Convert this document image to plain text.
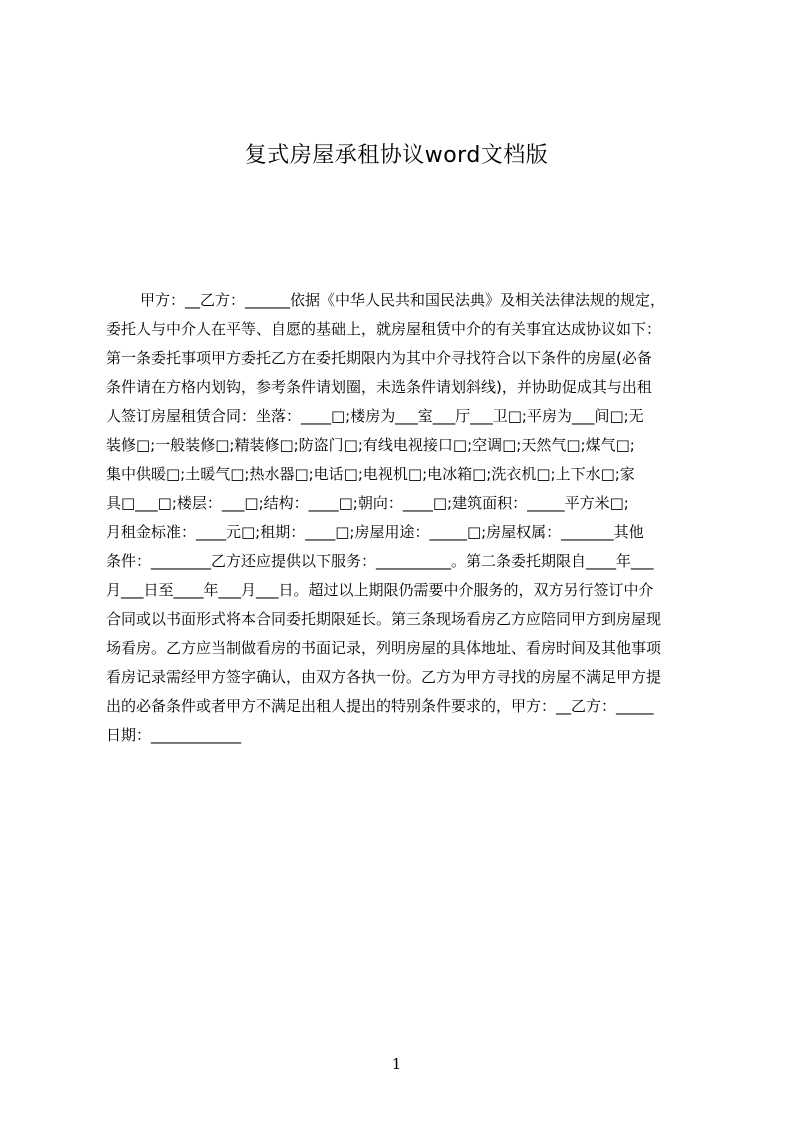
复式房屋承租协议word文档版
甲方：__乙方：______依据《中华人民共和国民法典》及相关法律法规的规定，
委托人与中介人在平等、自愿的基础上，就房屋租赁中介的有关事宜达成协议如下：
第一条委托事项甲方委托乙方在委托期限内为其中介寻找符合以下条件的房屋(必备
条件请在方格内划钩，参考条件请划圈，未选条件请划斜线)，并协助促成其与出租
人签订房屋租赁合同：坐落：____□;楼房为___室___厅___卫□;平房为___间□;无
装修□;一般装修□;精装修□;防盗门□;有线电视接口□;空调□;天然气□;煤气□;
集中供暖□;土暖气□;热水器□;电话□;电视机□;电冰箱□;洗衣机□;上下水□;家
具□___□;楼层：___□;结构：____□;朝向：____□;建筑面积：_____平方米□;
月租金标准：____元□;租期：____□;房屋用途：_____□;房屋权属：_______其他
条件：________乙方还应提供以下服务：__________。第二条委托期限自____年___
月___日至____年___月___日。超过以上期限仍需要中介服务的，双方另行签订中介
合同或以书面形式将本合同委托期限延长。第三条现场看房乙方应陪同甲方到房屋现
场看房。乙方应当制做看房的书面记录，列明房屋的具体地址、看房时间及其他事项
看房记录需经甲方签字确认，由双方各执一份。乙方为甲方寻找的房屋不满足甲方提
出的必备条件或者甲方不满足出租人提出的特别条件要求的，甲方：__乙方：_____
日期：____________
1
